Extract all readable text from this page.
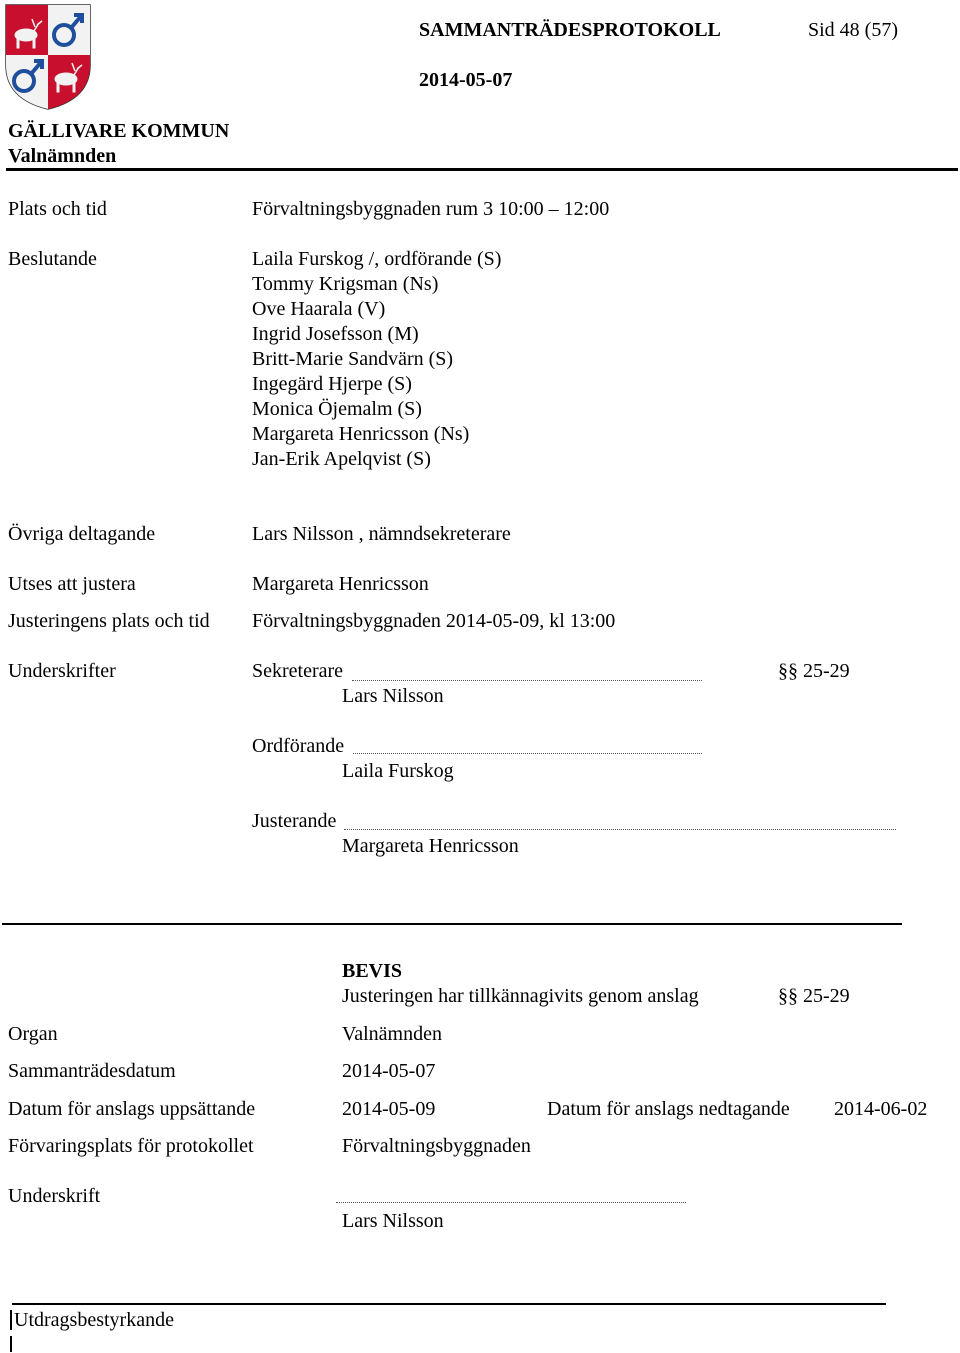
SAMMANTRÄDESPROTOKOLL	Sid 48 (57)
2014-05-07
GÄLLIVARE KOMMUN
Valnämnden
Plats och tid	Förvaltningsbyggnaden rum 3 10:00 – 12:00
Beslutande	Laila Furskog /, ordförande (S)
Tommy Krigsman (Ns)
Ove Haarala (V)
Ingrid Josefsson (M)
Britt-Marie Sandvärn (S)
Ingegärd Hjerpe (S)
Monica Öjemalm (S)
Margareta Henricsson (Ns)
Jan-Erik Apelqvist (S)
Övriga deltagande	Lars Nilsson , nämndsekreterare
Utses att justera	Margareta Henricsson
Justeringens plats och tid Förvaltningsbyggnaden 2014-05-09, kl 13:00
Underskrifter	Sekreterare	§§ 25-29
Lars Nilsson
Ordförande
Laila Furskog
Justerande
Margareta Henricsson
BEVIS
Justeringen har tillkännagivits genom anslag	§§ 25-29
Organ	Valnämnden
Sammanträdesdatum	2014-05-07
Datum för anslags uppsättande	2014-05-09	Datum för anslags nedtagande 2014-06-02
Förvaringsplats för protokollet	Förvaltningsbyggnaden
Underskrift
Lars Nilsson
Utdragsbestyrkande
